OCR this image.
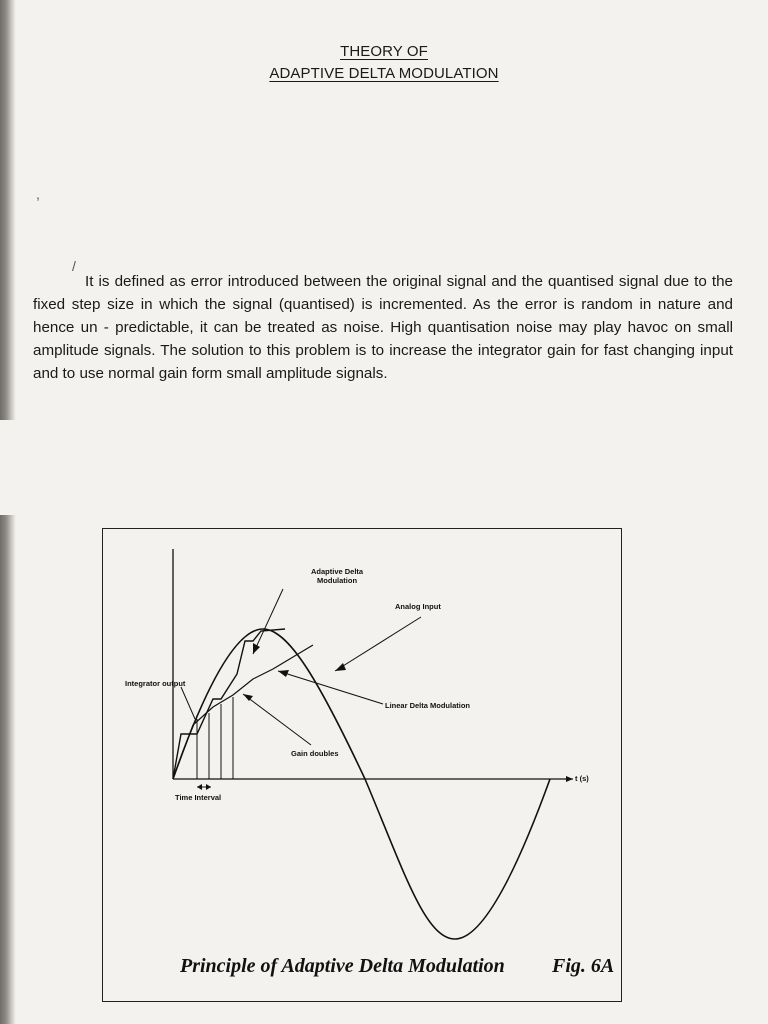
THEORY OF
ADAPTIVE DELTA MODULATION
,
/
It is defined as error introduced between the original signal and the quantised signal due to the fixed step size in which the signal (quantised) is incremented. As the error is random in nature and hence un - predictable, it can be treated as noise. High quantisation noise may play havoc on small amplitude signals. The solution to this problem is to increase the integrator gain for fast changing input and to use normal gain form small amplitude signals.
Adaptive Delta
Modulation
Analog Input
Integrator output
Linear Delta Modulation
Gain doubles
t (s)
Time Interval
Principle of Adaptive Delta Modulation Fig. 6A
